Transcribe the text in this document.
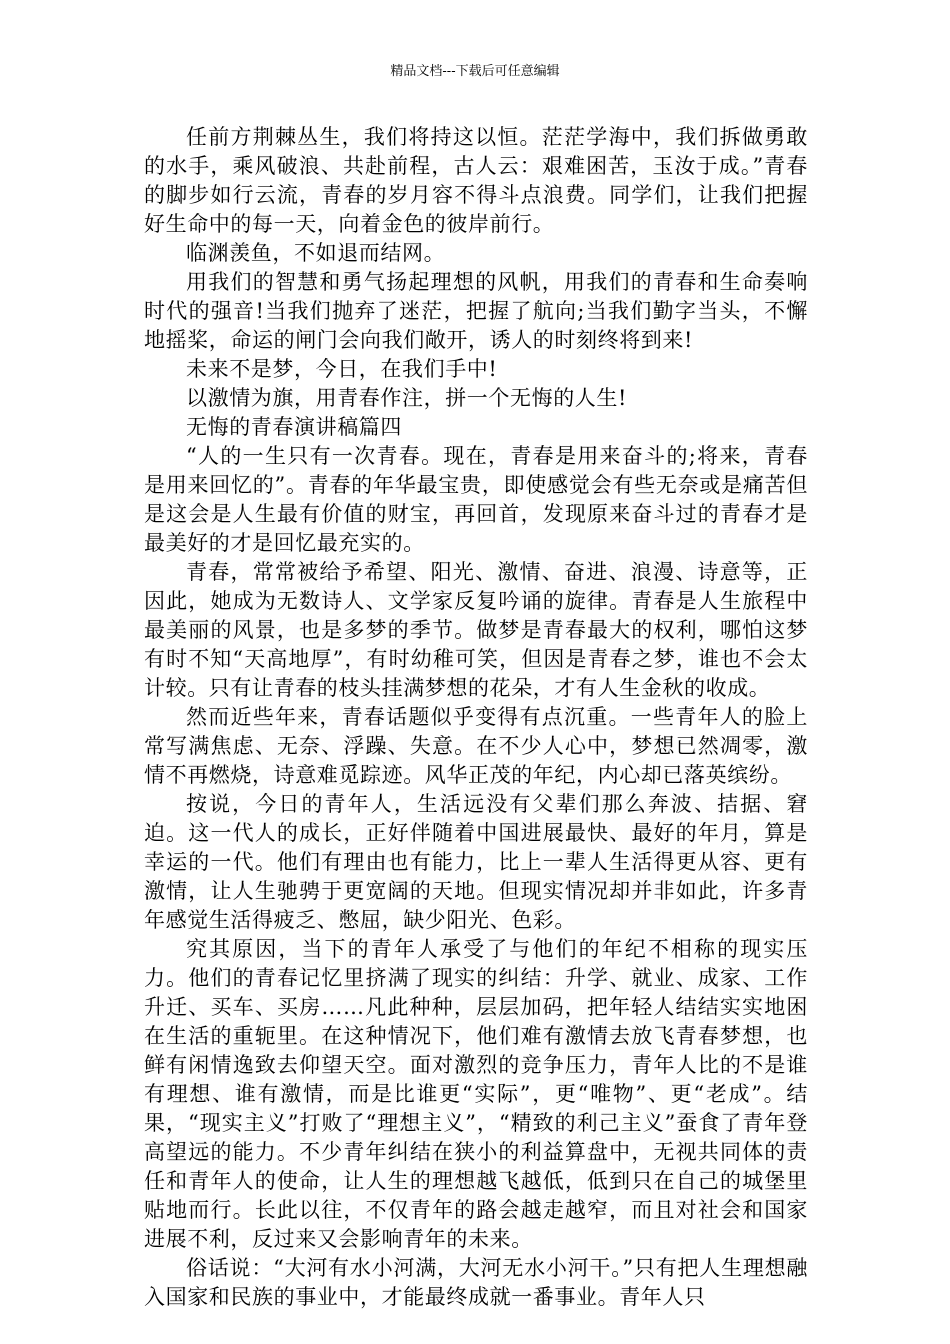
精品文档---下载后可任意编辑

任前方荆棘丛生，我们将持这以恒。茫茫学海中，我们拆做勇敢的水手，乘风破浪、共赴前程，古人云：艰难困苦，玉汝于成。”青春的脚步如行云流，青春的岁月容不得斗点浪费。同学们，让我们把握好生命中的每一天，向着金色的彼岸前行。

临渊羡鱼，不如退而结网。

用我们的智慧和勇气扬起理想的风帆，用我们的青春和生命奏响时代的强音!当我们抛弃了迷茫，把握了航向;当我们勤字当头，不懈地摇桨，命运的闸门会向我们敞开，诱人的时刻终将到来!

未来不是梦，今日，在我们手中!

以激情为旗，用青春作注，拼一个无悔的人生!

无悔的青春演讲稿篇四

“人的一生只有一次青春。现在，青春是用来奋斗的;将来，青春是用来回忆的”。青春的年华最宝贵，即使感觉会有些无奈或是痛苦但是这会是人生最有价值的财宝，再回首，发现原来奋斗过的青春才是最美好的才是回忆最充实的。

青春，常常被给予希望、阳光、激情、奋进、浪漫、诗意等，正因此，她成为无数诗人、文学家反复吟诵的旋律。青春是人生旅程中最美丽的风景，也是多梦的季节。做梦是青春最大的权利，哪怕这梦有时不知“天高地厚”，有时幼稚可笑，但因是青春之梦，谁也不会太计较。只有让青春的枝头挂满梦想的花朵，才有人生金秋的收成。

然而近些年来，青春话题似乎变得有点沉重。一些青年人的脸上常写满焦虑、无奈、浮躁、失意。在不少人心中，梦想已然凋零，激情不再燃烧，诗意难觅踪迹。风华正茂的年纪，内心却已落英缤纷。

按说，今日的青年人，生活远没有父辈们那么奔波、拮据、窘迫。这一代人的成长，正好伴随着中国进展最快、最好的年月，算是幸运的一代。他们有理由也有能力，比上一辈人生活得更从容、更有激情，让人生驰骋于更宽阔的天地。但现实情况却并非如此，许多青年感觉生活得疲乏、憋屈，缺少阳光、色彩。

究其原因，当下的青年人承受了与他们的年纪不相称的现实压力。他们的青春记忆里挤满了现实的纠结：升学、就业、成家、工作升迁、买车、买房……凡此种种，层层加码，把年轻人结结实实地困在生活的重轭里。在这种情况下，他们难有激情去放飞青春梦想，也鲜有闲情逸致去仰望天空。面对激烈的竞争压力，青年人比的不是谁有理想、谁有激情，而是比谁更“实际”，更“唯物”、更“老成”。结果，“现实主义”打败了“理想主义”，“精致的利己主义”蚕食了青年登高望远的能力。不少青年纠结在狭小的利益算盘中，无视共同体的责任和青年人的使命，让人生的理想越飞越低，低到只在自己的城堡里贴地而行。长此以往，不仅青年的路会越走越窄，而且对社会和国家进展不利，反过来又会影响青年的未来。

俗话说：“大河有水小河满，大河无水小河干。”只有把人生理想融入国家和民族的事业中，才能最终成就一番事业。青年人只
